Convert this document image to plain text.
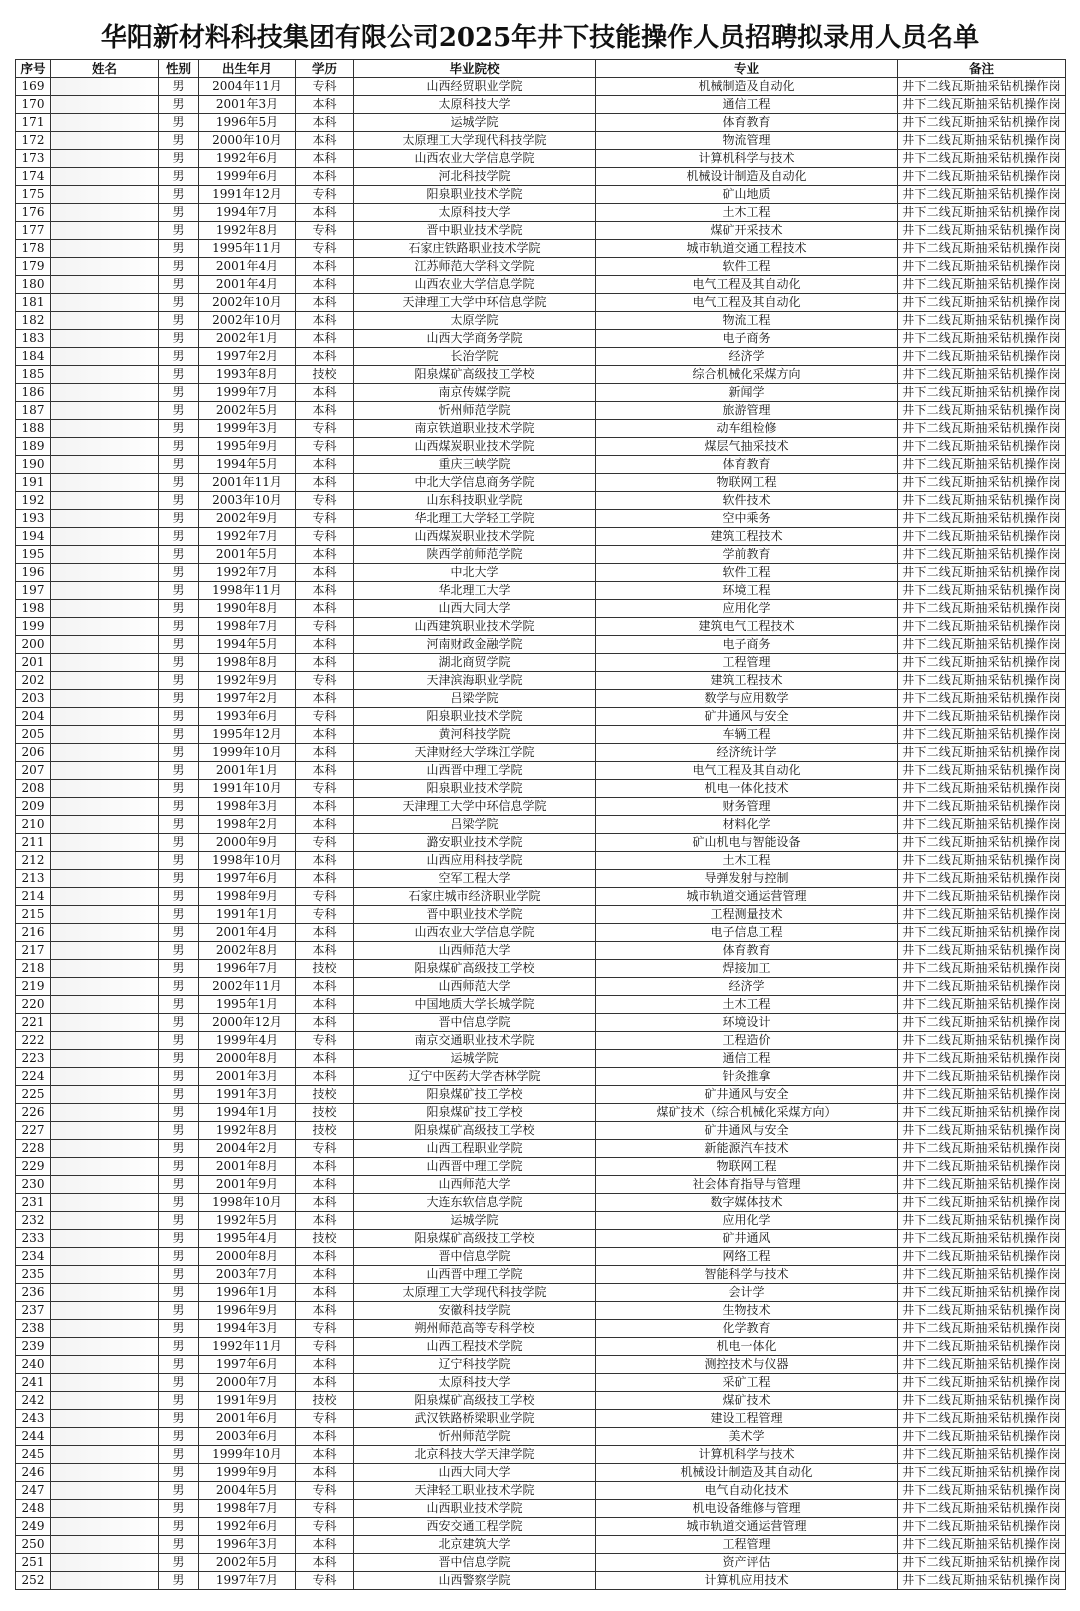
华阳新材料科技集团有限公司2025年井下技能操作人员招聘拟录用人员名单
序号	姓名	性别	出生年月	学历	毕业院校	专业	备注
169		男	2004年11月	专科	山西经贸职业学院	机械制造及自动化	井下二线瓦斯抽采钻机操作岗
170		男	2001年3月	本科	太原科技大学	通信工程	井下二线瓦斯抽采钻机操作岗
171		男	1996年5月	本科	运城学院	体育教育	井下二线瓦斯抽采钻机操作岗
172		男	2000年10月	本科	太原理工大学现代科技学院	物流管理	井下二线瓦斯抽采钻机操作岗
173		男	1992年6月	本科	山西农业大学信息学院	计算机科学与技术	井下二线瓦斯抽采钻机操作岗
174		男	1999年6月	本科	河北科技学院	机械设计制造及自动化	井下二线瓦斯抽采钻机操作岗
175		男	1991年12月	专科	阳泉职业技术学院	矿山地质	井下二线瓦斯抽采钻机操作岗
176		男	1994年7月	本科	太原科技大学	土木工程	井下二线瓦斯抽采钻机操作岗
177		男	1992年8月	专科	晋中职业技术学院	煤矿开采技术	井下二线瓦斯抽采钻机操作岗
178		男	1995年11月	专科	石家庄铁路职业技术学院	城市轨道交通工程技术	井下二线瓦斯抽采钻机操作岗
179		男	2001年4月	本科	江苏师范大学科文学院	软件工程	井下二线瓦斯抽采钻机操作岗
180		男	2001年4月	本科	山西农业大学信息学院	电气工程及其自动化	井下二线瓦斯抽采钻机操作岗
181		男	2002年10月	本科	天津理工大学中环信息学院	电气工程及其自动化	井下二线瓦斯抽采钻机操作岗
182		男	2002年10月	本科	太原学院	物流工程	井下二线瓦斯抽采钻机操作岗
183		男	2002年1月	本科	山西大学商务学院	电子商务	井下二线瓦斯抽采钻机操作岗
184		男	1997年2月	本科	长治学院	经济学	井下二线瓦斯抽采钻机操作岗
185		男	1993年8月	技校	阳泉煤矿高级技工学校	综合机械化采煤方向	井下二线瓦斯抽采钻机操作岗
186		男	1999年7月	本科	南京传媒学院	新闻学	井下二线瓦斯抽采钻机操作岗
187		男	2002年5月	本科	忻州师范学院	旅游管理	井下二线瓦斯抽采钻机操作岗
188		男	1999年3月	专科	南京铁道职业技术学院	动车组检修	井下二线瓦斯抽采钻机操作岗
189		男	1995年9月	专科	山西煤炭职业技术学院	煤层气抽采技术	井下二线瓦斯抽采钻机操作岗
190		男	1994年5月	本科	重庆三峡学院	体育教育	井下二线瓦斯抽采钻机操作岗
191		男	2001年11月	本科	中北大学信息商务学院	物联网工程	井下二线瓦斯抽采钻机操作岗
192		男	2003年10月	专科	山东科技职业学院	软件技术	井下二线瓦斯抽采钻机操作岗
193		男	2002年9月	专科	华北理工大学轻工学院	空中乘务	井下二线瓦斯抽采钻机操作岗
194		男	1992年7月	专科	山西煤炭职业技术学院	建筑工程技术	井下二线瓦斯抽采钻机操作岗
195		男	2001年5月	本科	陕西学前师范学院	学前教育	井下二线瓦斯抽采钻机操作岗
196		男	1992年7月	本科	中北大学	软件工程	井下二线瓦斯抽采钻机操作岗
197		男	1998年11月	本科	华北理工大学	环境工程	井下二线瓦斯抽采钻机操作岗
198		男	1990年8月	本科	山西大同大学	应用化学	井下二线瓦斯抽采钻机操作岗
199		男	1998年7月	专科	山西建筑职业技术学院	建筑电气工程技术	井下二线瓦斯抽采钻机操作岗
200		男	1994年5月	本科	河南财政金融学院	电子商务	井下二线瓦斯抽采钻机操作岗
201		男	1998年8月	本科	湖北商贸学院	工程管理	井下二线瓦斯抽采钻机操作岗
202		男	1992年9月	专科	天津滨海职业学院	建筑工程技术	井下二线瓦斯抽采钻机操作岗
203		男	1997年2月	本科	吕梁学院	数学与应用数学	井下二线瓦斯抽采钻机操作岗
204		男	1993年6月	专科	阳泉职业技术学院	矿井通风与安全	井下二线瓦斯抽采钻机操作岗
205		男	1995年12月	本科	黄河科技学院	车辆工程	井下二线瓦斯抽采钻机操作岗
206		男	1999年10月	本科	天津财经大学珠江学院	经济统计学	井下二线瓦斯抽采钻机操作岗
207		男	2001年1月	本科	山西晋中理工学院	电气工程及其自动化	井下二线瓦斯抽采钻机操作岗
208		男	1991年10月	专科	阳泉职业技术学院	机电一体化技术	井下二线瓦斯抽采钻机操作岗
209		男	1998年3月	本科	天津理工大学中环信息学院	财务管理	井下二线瓦斯抽采钻机操作岗
210		男	1998年2月	本科	吕梁学院	材料化学	井下二线瓦斯抽采钻机操作岗
211		男	2000年9月	专科	潞安职业技术学院	矿山机电与智能设备	井下二线瓦斯抽采钻机操作岗
212		男	1998年10月	本科	山西应用科技学院	土木工程	井下二线瓦斯抽采钻机操作岗
213		男	1997年6月	本科	空军工程大学	导弹发射与控制	井下二线瓦斯抽采钻机操作岗
214		男	1998年9月	专科	石家庄城市经济职业学院	城市轨道交通运营管理	井下二线瓦斯抽采钻机操作岗
215		男	1991年1月	专科	晋中职业技术学院	工程测量技术	井下二线瓦斯抽采钻机操作岗
216		男	2001年4月	本科	山西农业大学信息学院	电子信息工程	井下二线瓦斯抽采钻机操作岗
217		男	2002年8月	本科	山西师范大学	体育教育	井下二线瓦斯抽采钻机操作岗
218		男	1996年7月	技校	阳泉煤矿高级技工学校	焊接加工	井下二线瓦斯抽采钻机操作岗
219		男	2002年11月	本科	山西师范大学	经济学	井下二线瓦斯抽采钻机操作岗
220		男	1995年1月	本科	中国地质大学长城学院	土木工程	井下二线瓦斯抽采钻机操作岗
221		男	2000年12月	本科	晋中信息学院	环境设计	井下二线瓦斯抽采钻机操作岗
222		男	1999年4月	专科	南京交通职业技术学院	工程造价	井下二线瓦斯抽采钻机操作岗
223		男	2000年8月	本科	运城学院	通信工程	井下二线瓦斯抽采钻机操作岗
224		男	2001年3月	本科	辽宁中医药大学杏林学院	针灸推拿	井下二线瓦斯抽采钻机操作岗
225		男	1991年3月	技校	阳泉煤矿技工学校	矿井通风与安全	井下二线瓦斯抽采钻机操作岗
226		男	1994年1月	技校	阳泉煤矿技工学校	煤矿技术（综合机械化采煤方向）	井下二线瓦斯抽采钻机操作岗
227		男	1992年8月	技校	阳泉煤矿高级技工学校	矿井通风与安全	井下二线瓦斯抽采钻机操作岗
228		男	2004年2月	专科	山西工程职业学院	新能源汽车技术	井下二线瓦斯抽采钻机操作岗
229		男	2001年8月	本科	山西晋中理工学院	物联网工程	井下二线瓦斯抽采钻机操作岗
230		男	2001年9月	本科	山西师范大学	社会体育指导与管理	井下二线瓦斯抽采钻机操作岗
231		男	1998年10月	本科	大连东软信息学院	数字媒体技术	井下二线瓦斯抽采钻机操作岗
232		男	1992年5月	本科	运城学院	应用化学	井下二线瓦斯抽采钻机操作岗
233		男	1995年4月	技校	阳泉煤矿高级技工学校	矿井通风	井下二线瓦斯抽采钻机操作岗
234		男	2000年8月	本科	晋中信息学院	网络工程	井下二线瓦斯抽采钻机操作岗
235		男	2003年7月	本科	山西晋中理工学院	智能科学与技术	井下二线瓦斯抽采钻机操作岗
236		男	1996年1月	本科	太原理工大学现代科技学院	会计学	井下二线瓦斯抽采钻机操作岗
237		男	1996年9月	本科	安徽科技学院	生物技术	井下二线瓦斯抽采钻机操作岗
238		男	1994年3月	专科	朔州师范高等专科学校	化学教育	井下二线瓦斯抽采钻机操作岗
239		男	1992年11月	专科	山西工程技术学院	机电一体化	井下二线瓦斯抽采钻机操作岗
240		男	1997年6月	本科	辽宁科技学院	测控技术与仪器	井下二线瓦斯抽采钻机操作岗
241		男	2000年7月	本科	太原科技大学	采矿工程	井下二线瓦斯抽采钻机操作岗
242		男	1991年9月	技校	阳泉煤矿高级技工学校	煤矿技术	井下二线瓦斯抽采钻机操作岗
243		男	2001年6月	专科	武汉铁路桥梁职业学院	建设工程管理	井下二线瓦斯抽采钻机操作岗
244		男	2003年6月	本科	忻州师范学院	美术学	井下二线瓦斯抽采钻机操作岗
245		男	1999年10月	本科	北京科技大学天津学院	计算机科学与技术	井下二线瓦斯抽采钻机操作岗
246		男	1999年9月	本科	山西大同大学	机械设计制造及其自动化	井下二线瓦斯抽采钻机操作岗
247		男	2004年5月	专科	天津轻工职业技术学院	电气自动化技术	井下二线瓦斯抽采钻机操作岗
248		男	1998年7月	专科	山西职业技术学院	机电设备维修与管理	井下二线瓦斯抽采钻机操作岗
249		男	1992年6月	专科	西安交通工程学院	城市轨道交通运营管理	井下二线瓦斯抽采钻机操作岗
250		男	1996年3月	本科	北京建筑大学	工程管理	井下二线瓦斯抽采钻机操作岗
251		男	2002年5月	本科	晋中信息学院	资产评估	井下二线瓦斯抽采钻机操作岗
252		男	1997年7月	专科	山西警察学院	计算机应用技术	井下二线瓦斯抽采钻机操作岗
